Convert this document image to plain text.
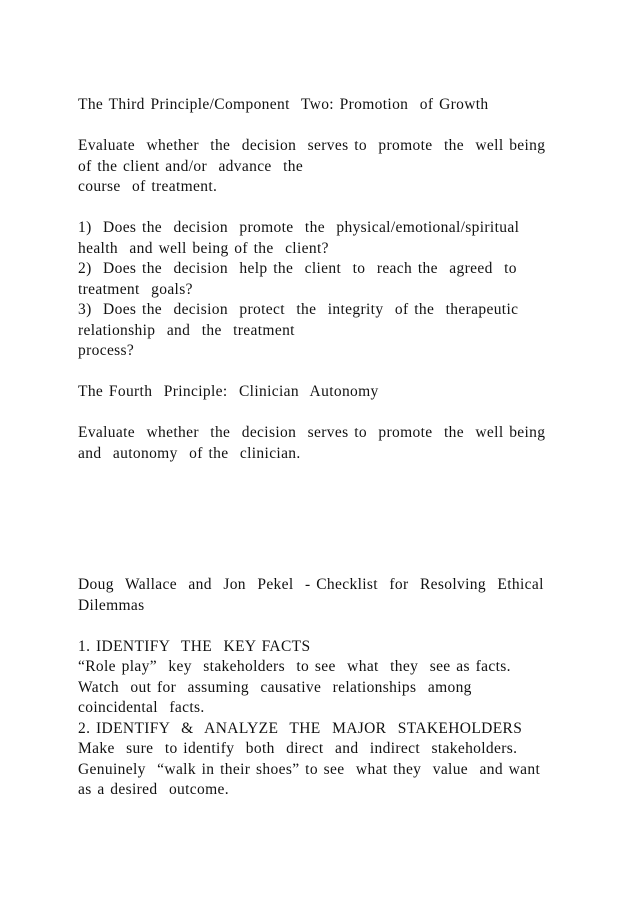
The Third Principle/Component  Two: Promotion  of Growth
Evaluate  whether  the  decision  serves to  promote  the  well being
of the client and/or  advance  the
course  of treatment.
1)  Does the  decision  promote  the  physical/emotional/spiritual
health  and well being of the  client?
2)  Does the  decision  help the  client  to  reach the  agreed  to
treatment  goals?
3)  Does the  decision  protect  the  integrity  of the  therapeutic
relationship  and  the  treatment
process?
The Fourth  Principle:  Clinician  Autonomy
Evaluate  whether  the  decision  serves to  promote  the  well being
and  autonomy  of the  clinician.
Doug  Wallace  and  Jon  Pekel  - Checklist  for  Resolving  Ethical
Dilemmas
1. IDENTIFY  THE  KEY FACTS
“Role play”  key  stakeholders  to see  what  they  see as facts.
Watch  out for  assuming  causative  relationships  among
coincidental  facts.
2. IDENTIFY  &  ANALYZE  THE  MAJOR  STAKEHOLDERS
Make  sure  to identify  both  direct  and  indirect  stakeholders.
Genuinely  “walk in their shoes” to see  what they  value  and want
as a desired  outcome.
